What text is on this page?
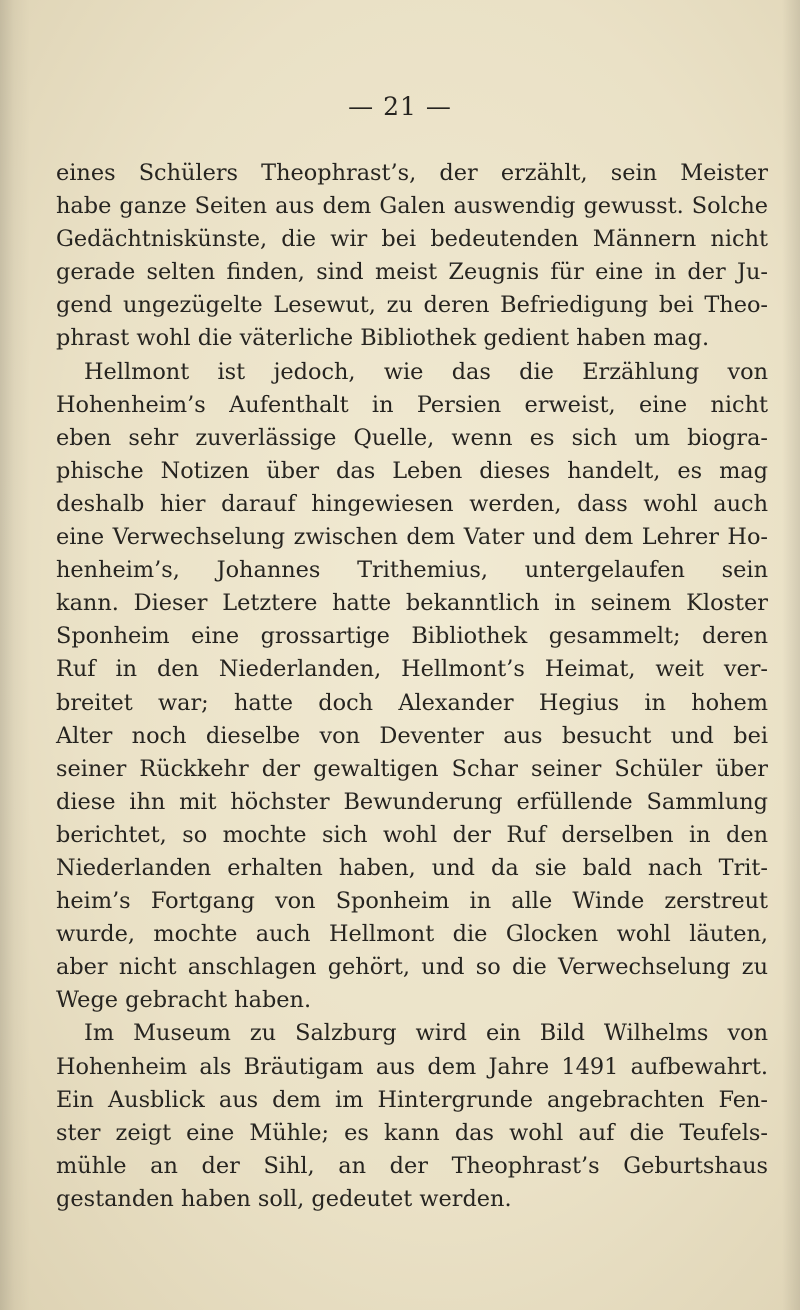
— 21 —
eines Schülers Theophrast’s, der erzählt, sein Meister
habe ganze Seiten aus dem Galen auswendig gewusst. Solche
Gedächtniskünste, die wir bei bedeutenden Männern nicht
gerade selten finden, sind meist Zeugnis für eine in der Ju-
gend ungezügelte Lesewut, zu deren Befriedigung bei Theo-
phrast wohl die väterliche Bibliothek gedient haben mag.
Hellmont ist jedoch, wie das die Erzählung von
Hohenheim’s Aufenthalt in Persien erweist, eine nicht
eben sehr zuverlässige Quelle, wenn es sich um biogra-
phische Notizen über das Leben dieses handelt, es mag
deshalb hier darauf hingewiesen werden, dass wohl auch
eine Verwechselung zwischen dem Vater und dem Lehrer Ho-
henheim’s, Johannes Trithemius, untergelaufen sein
kann. Dieser Letztere hatte bekanntlich in seinem Kloster
Sponheim eine grossartige Bibliothek gesammelt; deren
Ruf in den Niederlanden, Hellmont’s Heimat, weit ver-
breitet war; hatte doch Alexander Hegius in hohem
Alter noch dieselbe von Deventer aus besucht und bei
seiner Rückkehr der gewaltigen Schar seiner Schüler über
diese ihn mit höchster Bewunderung erfüllende Sammlung
berichtet, so mochte sich wohl der Ruf derselben in den
Niederlanden erhalten haben, und da sie bald nach Trit-
heim’s Fortgang von Sponheim in alle Winde zerstreut
wurde, mochte auch Hellmont die Glocken wohl läuten,
aber nicht anschlagen gehört, und so die Verwechselung zu
Wege gebracht haben.
Im Museum zu Salzburg wird ein Bild Wilhelms von
Hohenheim als Bräutigam aus dem Jahre 1491 aufbewahrt.
Ein Ausblick aus dem im Hintergrunde angebrachten Fen-
ster zeigt eine Mühle; es kann das wohl auf die Teufels-
mühle an der Sihl, an der Theophrast’s Geburtshaus
gestanden haben soll, gedeutet werden.
